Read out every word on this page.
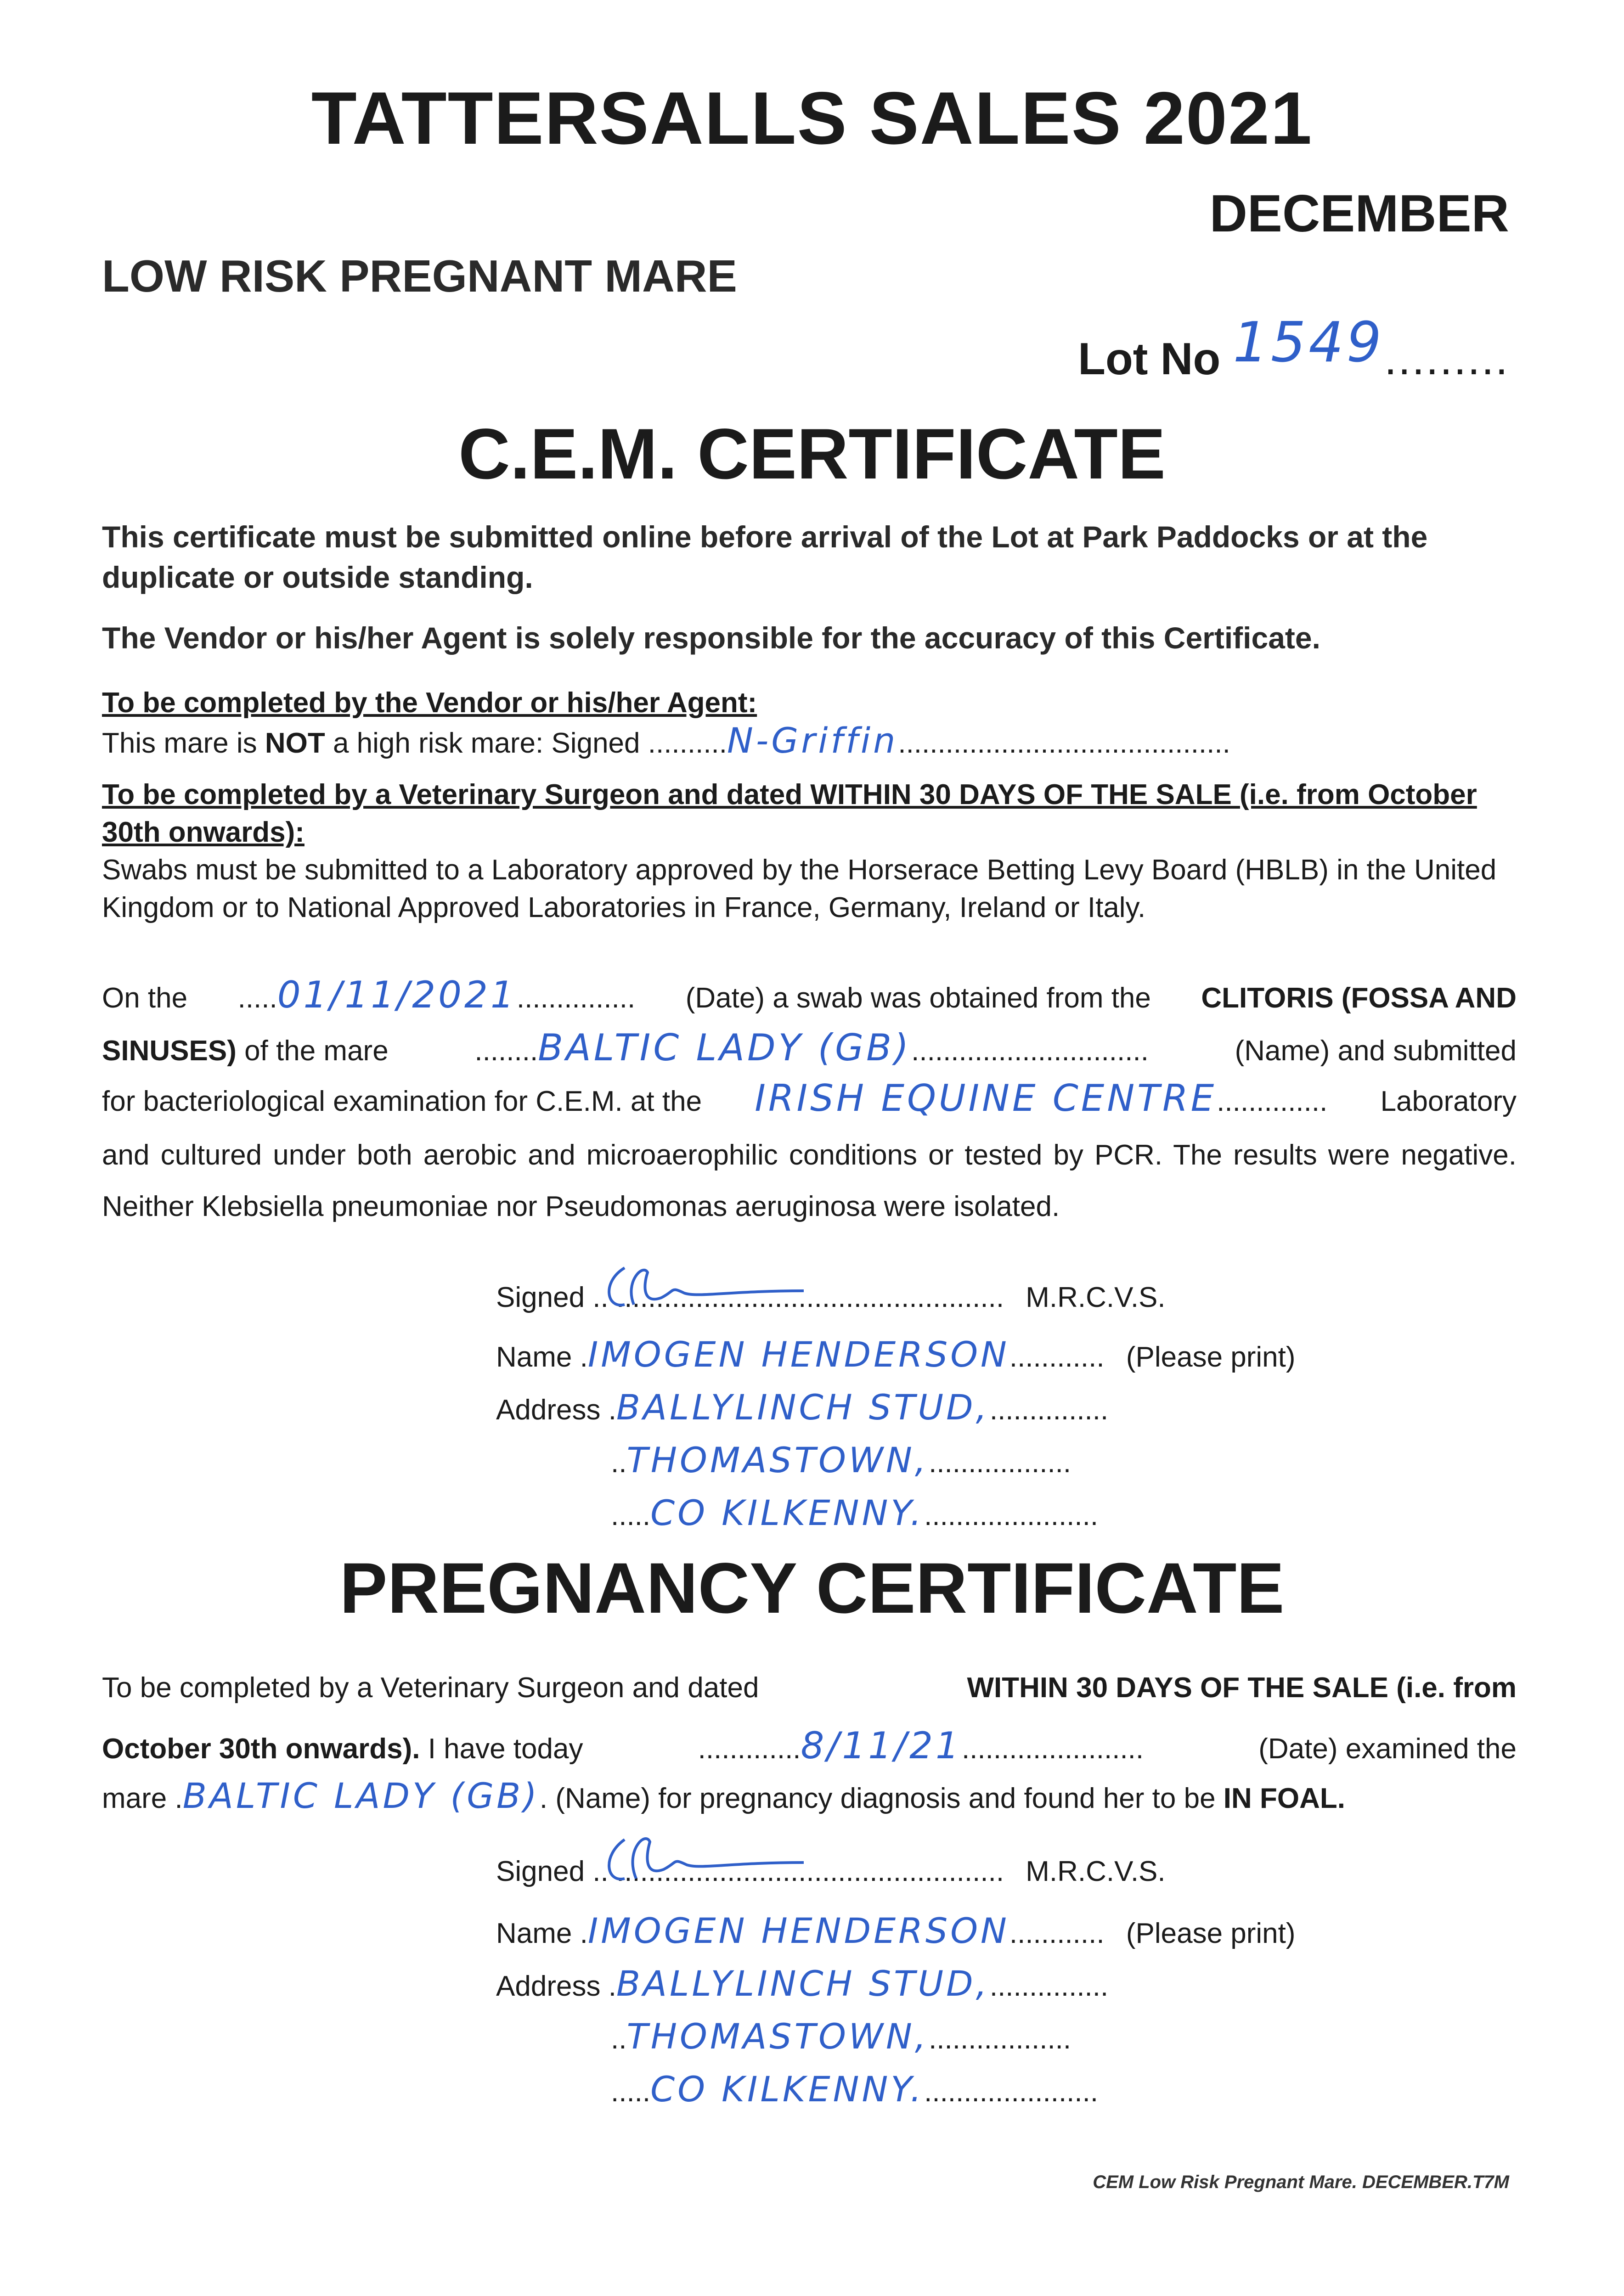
TATTERSALLS SALES 2021
DECEMBER
LOW RISK PREGNANT MARE
Lot No 1549.........
C.E.M. CERTIFICATE
This certificate must be submitted online before arrival of the Lot at Park Paddocks or at the duplicate or outside standing.
The Vendor or his/her Agent is solely responsible for the accuracy of this Certificate.
To be completed by the Vendor or his/her Agent:
This mare is NOT a high risk mare: Signed ..........N-Griffin..........................................
To be completed by a Veterinary Surgeon and dated WITHIN 30 DAYS OF THE SALE (i.e. from October 30th onwards):
Swabs must be submitted to a Laboratory approved by the Horserace Betting Levy Board (HBLB) in the United Kingdom or to National Approved Laboratories in France, Germany, Ireland or Italy.
On the .....01/11/2021............... (Date) a swab was obtained from the CLITORIS (FOSSA AND
SINUSES) of the mare	........BALTIC LADY (GB)..............................	(Name) and submitted
for bacteriological examination for C.E.M. at the IRISH EQUINE CENTRE.............. Laboratory
and cultured under both aerobic and microaerophilic conditions or tested by PCR. The results were negative. Neither Klebsiella pneumoniae nor Pseudomonas aeruginosa were isolated.
Signed ..
................................................. M.R.C.V.S.
Name .IMOGEN HENDERSON............ (Please print)
Address .BALLYLINCH STUD,...............
..THOMASTOWN,..................
.....CO KILKENNY.......................
PREGNANCY CERTIFICATE
To be completed by a Veterinary Surgeon and dated	WITHIN 30 DAYS OF THE SALE (i.e. from
October 30th onwards). I have today	.............8/11/21.......................	(Date) examined the
mare .BALTIC LADY (GB). (Name) for pregnancy diagnosis and found her to be IN FOAL.
Signed ..
................................................. M.R.C.V.S.
Name .IMOGEN HENDERSON............ (Please print)
Address .BALLYLINCH STUD,...............
..THOMASTOWN,..................
.....CO KILKENNY.......................
CEM Low Risk Pregnant Mare. DECEMBER.T7M
